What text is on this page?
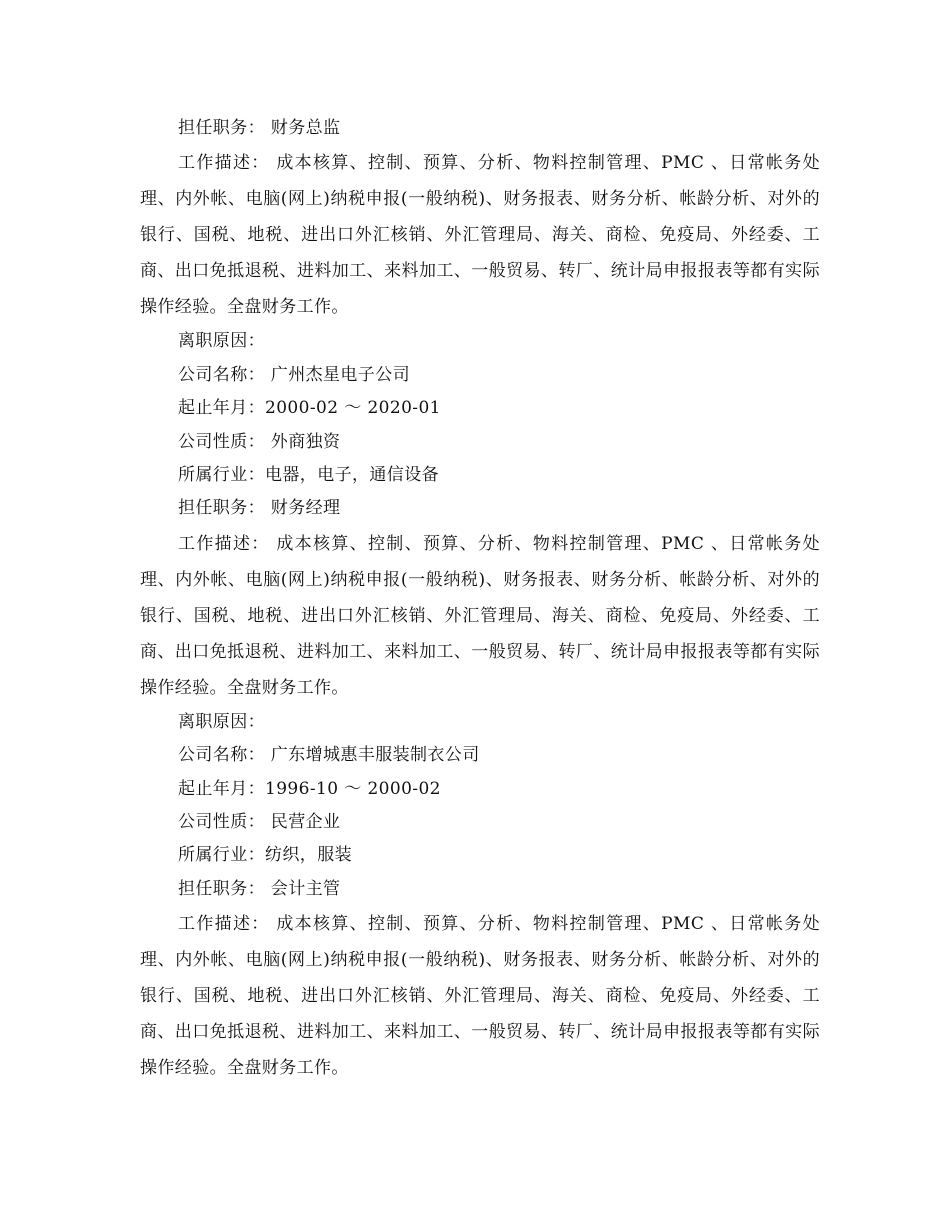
担任职务： 财务总监

工作描述： 成本核算、控制、预算、分析、物料控制管理、PMC 、日常帐务处理、内外帐、电脑(网上)纳税申报(一般纳税)、财务报表、财务分析、帐龄分析、对外的银行、国税、地税、进出口外汇核销、外汇管理局、海关、商检、免疫局、外经委、工商、出口免抵退税、进料加工、来料加工、一般贸易、转厂、统计局申报报表等都有实际操作经验。全盘财务工作。

离职原因：
公司名称： 广州杰星电子公司
起止年月：2000-02 ～ 2020-01
公司性质： 外商独资
所属行业：电器，电子，通信设备
担任职务： 财务经理

工作描述： 成本核算、控制、预算、分析、物料控制管理、PMC 、日常帐务处理、内外帐、电脑(网上)纳税申报(一般纳税)、财务报表、财务分析、帐龄分析、对外的银行、国税、地税、进出口外汇核销、外汇管理局、海关、商检、免疫局、外经委、工商、出口免抵退税、进料加工、来料加工、一般贸易、转厂、统计局申报报表等都有实际操作经验。全盘财务工作。

离职原因：
公司名称： 广东增城惠丰服装制衣公司
起止年月：1996-10 ～ 2000-02
公司性质： 民营企业
所属行业：纺织，服装
担任职务： 会计主管

工作描述： 成本核算、控制、预算、分析、物料控制管理、PMC 、日常帐务处理、内外帐、电脑(网上)纳税申报(一般纳税)、财务报表、财务分析、帐龄分析、对外的银行、国税、地税、进出口外汇核销、外汇管理局、海关、商检、免疫局、外经委、工商、出口免抵退税、进料加工、来料加工、一般贸易、转厂、统计局申报报表等都有实际操作经验。全盘财务工作。
